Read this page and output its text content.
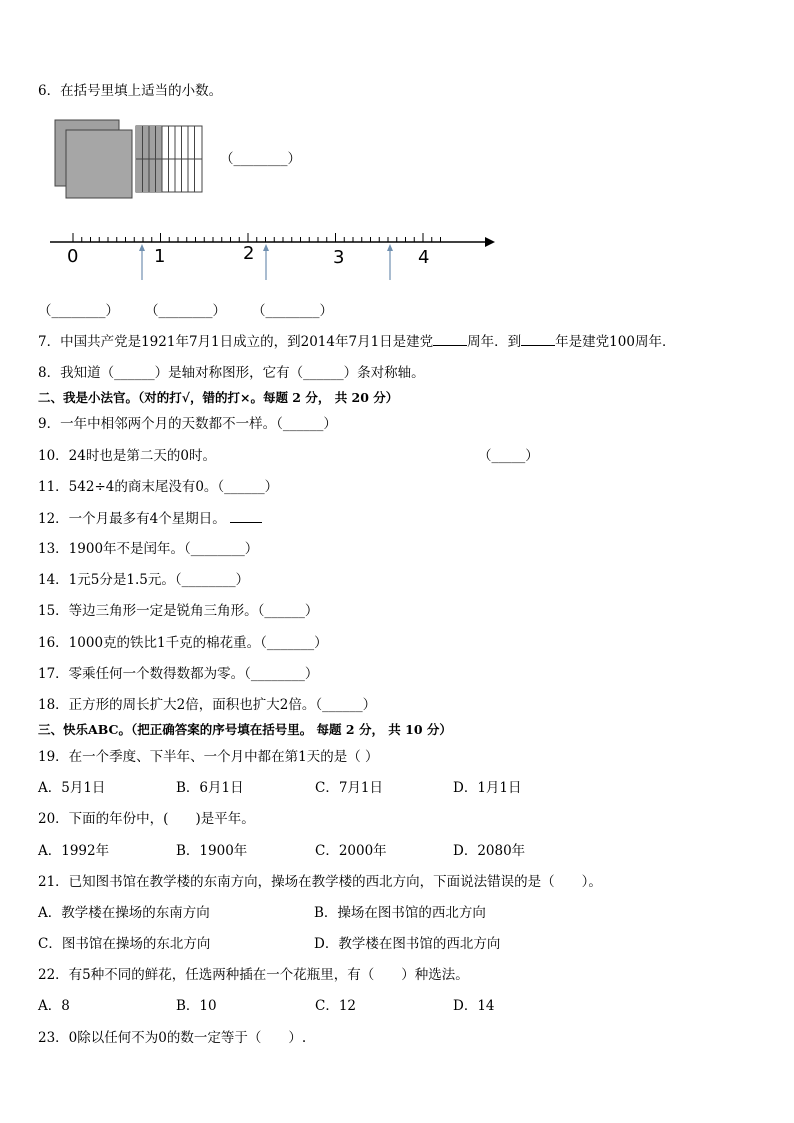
6．在括号里填上适当的小数。
（________）
0	1	2	3	4
（________） （________） （________）
7．中国共产党是1921年7月1日成立的，到2014年7月1日是建党	周年．到	年是建党100周年．
8．我知道（______）是轴对称图形，它有（______）条对称轴。
二、我是小法官。（对的打√，错的打×。每题 2 分， 共 20 分）
9．一年中相邻两个月的天数都不一样。（______）
10．24时也是第二天的0时。	（_____）
11．542÷4的商末尾没有0。（______）
12．一个月最多有4个星期日。
13．1900年不是闰年。（________）
14．1元5分是1.5元。（________）
15．等边三角形一定是锐角三角形。（______）
16．1000克的铁比1千克的棉花重。（_______）
17．零乘任何一个数得数都为零。（________）
18．正方形的周长扩大2倍，面积也扩大2倍。（______）
三、快乐ABC。（把正确答案的序号填在括号里。 每题 2 分， 共 10 分）
19．在一个季度、下半年、一个月中都在第1天的是（ ）
A．5月1日	B．6月1日	C．7月1日	D．1月1日
20．下面的年份中，(　　)是平年。
A．1992年	B．1900年	C．2000年	D．2080年
21．已知图书馆在教学楼的东南方向，操场在教学楼的西北方向，下面说法错误的是（　　）。
A．教学楼在操场的东南方向	B．操场在图书馆的西北方向
C．图书馆在操场的东北方向	D．教学楼在图书馆的西北方向
22．有5种不同的鲜花，任选两种插在一个花瓶里，有（　　）种选法。
A．8	B．10	C．12	D．14
23．0除以任何不为0的数一定等于（　　）.
